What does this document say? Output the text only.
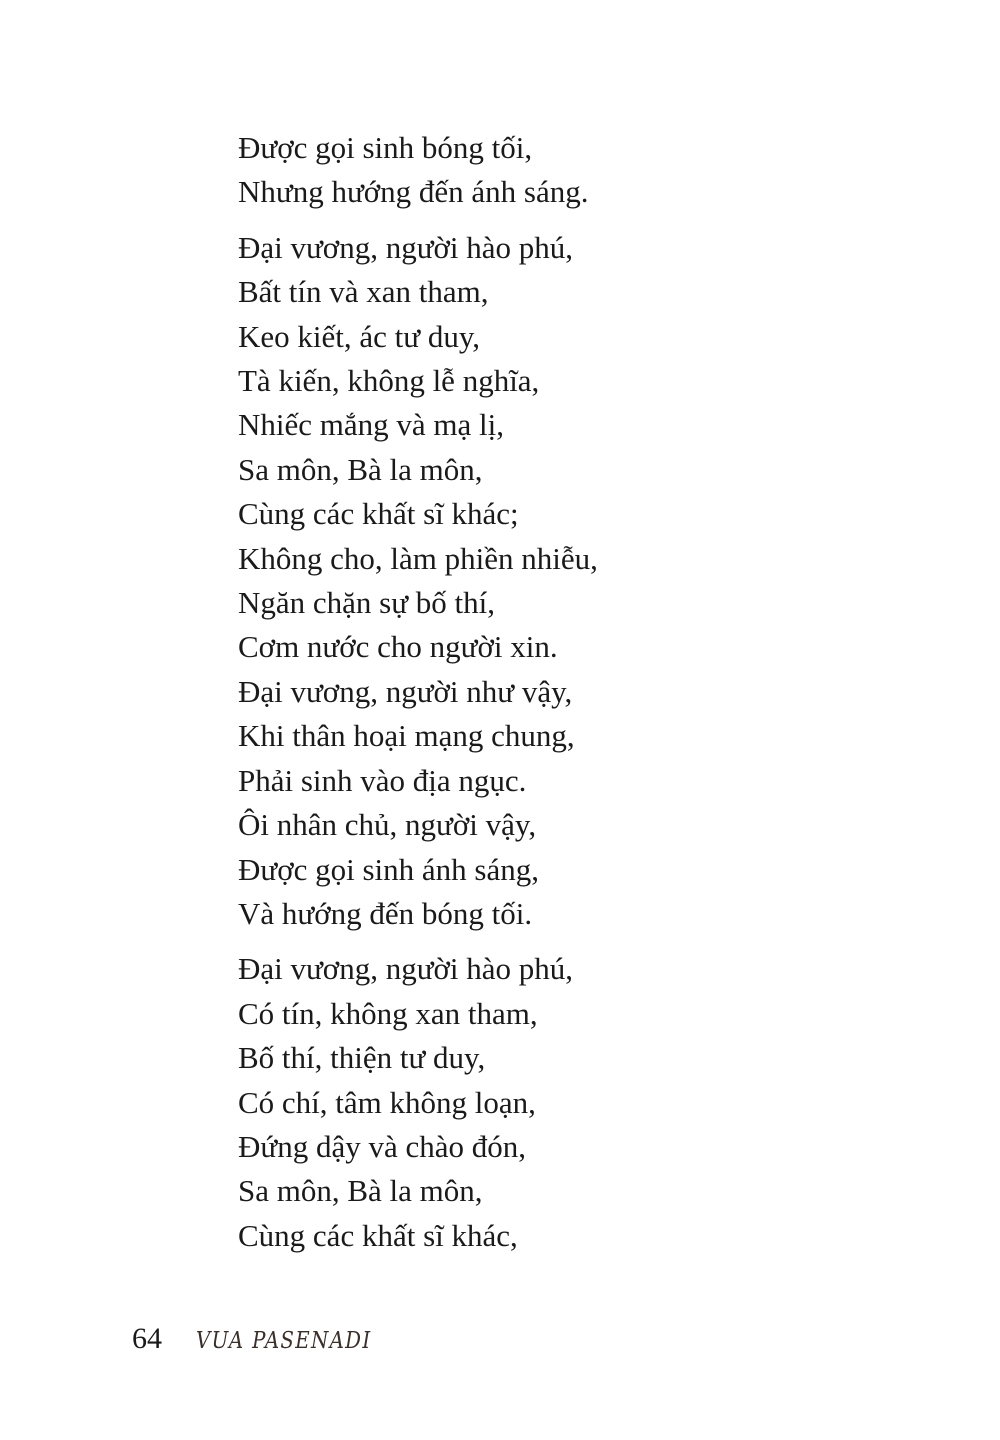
Được gọi sinh bóng tối,
Nhưng hướng đến ánh sáng.
Đại vương, người hào phú,
Bất tín và xan tham,
Keo kiết, ác tư duy,
Tà kiến, không lễ nghĩa,
Nhiếc mắng và mạ lị,
Sa môn, Bà la môn,
Cùng các khất sĩ khác;
Không cho, làm phiền nhiễu,
Ngăn chặn sự bố thí,
Cơm nước cho người xin.
Đại vương, người như vậy,
Khi thân hoại mạng chung,
Phải sinh vào địa ngục.
Ôi nhân chủ, người vậy,
Được gọi sinh ánh sáng,
Và hướng đến bóng tối.
Đại vương, người hào phú,
Có tín, không xan tham,
Bố thí, thiện tư duy,
Có chí, tâm không loạn,
Đứng dậy và chào đón,
Sa môn, Bà la môn,
Cùng các khất sĩ khác,
64 VUA PASENADI
